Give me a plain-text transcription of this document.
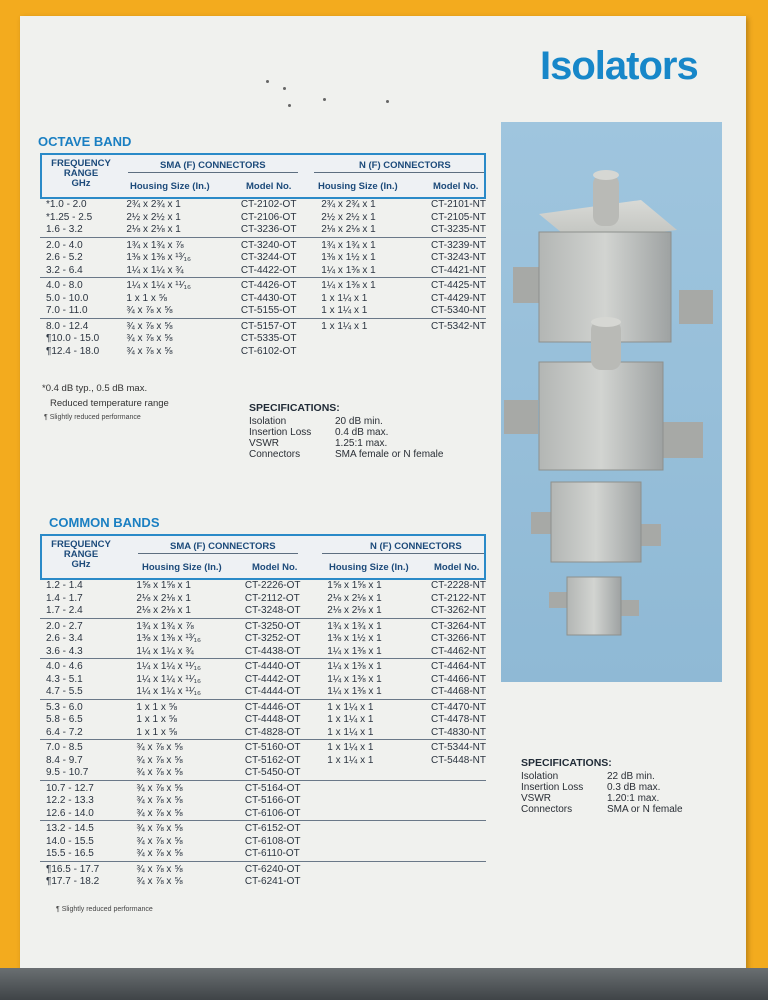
Isolators
OCTAVE BAND
FREQUENCY
RANGE
GHz
SMA (F) CONNECTORS	N (F) CONNECTORS
Housing Size (In.)	Model No.	Housing Size (In.)	Model No.
*1.0 - 2.0	2¾ x 2¾ x 1	CT-2102-OT	2¾ x 2¾ x 1	CT-2101-NT
*1.25 - 2.5	2½ x 2½ x 1	CT-2106-OT	2½ x 2½ x 1	CT-2105-NT
1.6 - 3.2	2⅛ x 2⅛ x 1	CT-3236-OT	2⅛ x 2⅛ x 1	CT-3235-NT
2.0 - 4.0	1¾ x 1¾ x ⅞	CT-3240-OT	1¾ x 1¾ x 1	CT-3239-NT
2.6 - 5.2	1⅜ x 1⅜ x ¹³⁄₁₆	CT-3244-OT	1⅜ x 1½ x 1	CT-3243-NT
3.2 - 6.4	1¼ x 1¼ x ¾	CT-4422-OT	1¼ x 1⅜ x 1	CT-4421-NT
4.0 - 8.0	1¼ x 1¼ x ¹¹⁄₁₆	CT-4426-OT	1¼ x 1⅜ x 1	CT-4425-NT
5.0 - 10.0	1 x 1 x ⅝	CT-4430-OT	1 x 1¼ x 1	CT-4429-NT
7.0 - 11.0	¾ x ⅞ x ⅝	CT-5155-OT	1 x 1¼ x 1	CT-5340-NT
8.0 - 12.4	¾ x ⅞ x ⅝	CT-5157-OT	1 x 1¼ x 1	CT-5342-NT
¶10.0 - 15.0	¾ x ⅞ x ⅝	CT-5335-OT		
¶12.4 - 18.0	¾ x ⅞ x ⅝	CT-6102-OT		

*0.4 dB typ., 0.5 dB max.

Reduced temperature range

¶ Slightly reduced performance

SPECIFICATIONS:
Isolation	20 dB min.
Insertion Loss	0.4 dB max.
VSWR	1.25:1 max.
Connectors	SMA female or N female
COMMON BANDS
FREQUENCY
RANGE
GHz
SMA (F) CONNECTORS	N (F) CONNECTORS
Housing Size (In.)	Model No.	Housing Size (In.)	Model No.
1.2 - 1.4	1⅝ x 1⅝ x 1	CT-2226-OT	1⅝ x 1⅝ x 1	CT-2228-NT
1.4 - 1.7	2⅛ x 2⅛ x 1	CT-2112-OT	2⅛ x 2⅛ x 1	CT-2122-NT
1.7 - 2.4	2⅛ x 2⅛ x 1	CT-3248-OT	2⅛ x 2⅛ x 1	CT-3262-NT
2.0 - 2.7	1¾ x 1¾ x ⅞	CT-3250-OT	1¾ x 1¾ x 1	CT-3264-NT
2.6 - 3.4	1⅜ x 1⅜ x ¹³⁄₁₆	CT-3252-OT	1⅜ x 1½ x 1	CT-3266-NT
3.6 - 4.3	1¼ x 1¼ x ¾	CT-4438-OT	1¼ x 1⅜ x 1	CT-4462-NT
4.0 - 4.6	1¼ x 1¼ x ¹¹⁄₁₆	CT-4440-OT	1¼ x 1⅜ x 1	CT-4464-NT
4.3 - 5.1	1¼ x 1¼ x ¹¹⁄₁₆	CT-4442-OT	1¼ x 1⅜ x 1	CT-4466-NT
4.7 - 5.5	1¼ x 1¼ x ¹¹⁄₁₆	CT-4444-OT	1¼ x 1⅜ x 1	CT-4468-NT
5.3 - 6.0	1 x 1 x ⅝	CT-4446-OT	1 x 1¼ x 1	CT-4470-NT
5.8 - 6.5	1 x 1 x ⅝	CT-4448-OT	1 x 1¼ x 1	CT-4478-NT
6.4 - 7.2	1 x 1 x ⅝	CT-4828-OT	1 x 1¼ x 1	CT-4830-NT
7.0 - 8.5	¾ x ⅞ x ⅝	CT-5160-OT	1 x 1¼ x 1	CT-5344-NT
8.4 - 9.7	¾ x ⅞ x ⅝	CT-5162-OT	1 x 1¼ x 1	CT-5448-NT
9.5 - 10.7	¾ x ⅞ x ⅝	CT-5450-OT		
10.7 - 12.7	¾ x ⅞ x ⅝	CT-5164-OT		
12.2 - 13.3	¾ x ⅞ x ⅝	CT-5166-OT		
12.6 - 14.0	¾ x ⅞ x ⅝	CT-6106-OT		
13.2 - 14.5	¾ x ⅞ x ⅝	CT-6152-OT		
14.0 - 15.5	¾ x ⅞ x ⅝	CT-6108-OT		
15.5 - 16.5	¾ x ⅞ x ⅝	CT-6110-OT		
¶16.5 - 17.7	¾ x ⅞ x ⅝	CT-6240-OT		
¶17.7 - 18.2	¾ x ⅞ x ⅝	CT-6241-OT		

¶ Slightly reduced performance

SPECIFICATIONS:
Isolation	22 dB min.
Insertion Loss	0.3 dB max.
VSWR	1.20:1 max.
Connectors	SMA or N female
